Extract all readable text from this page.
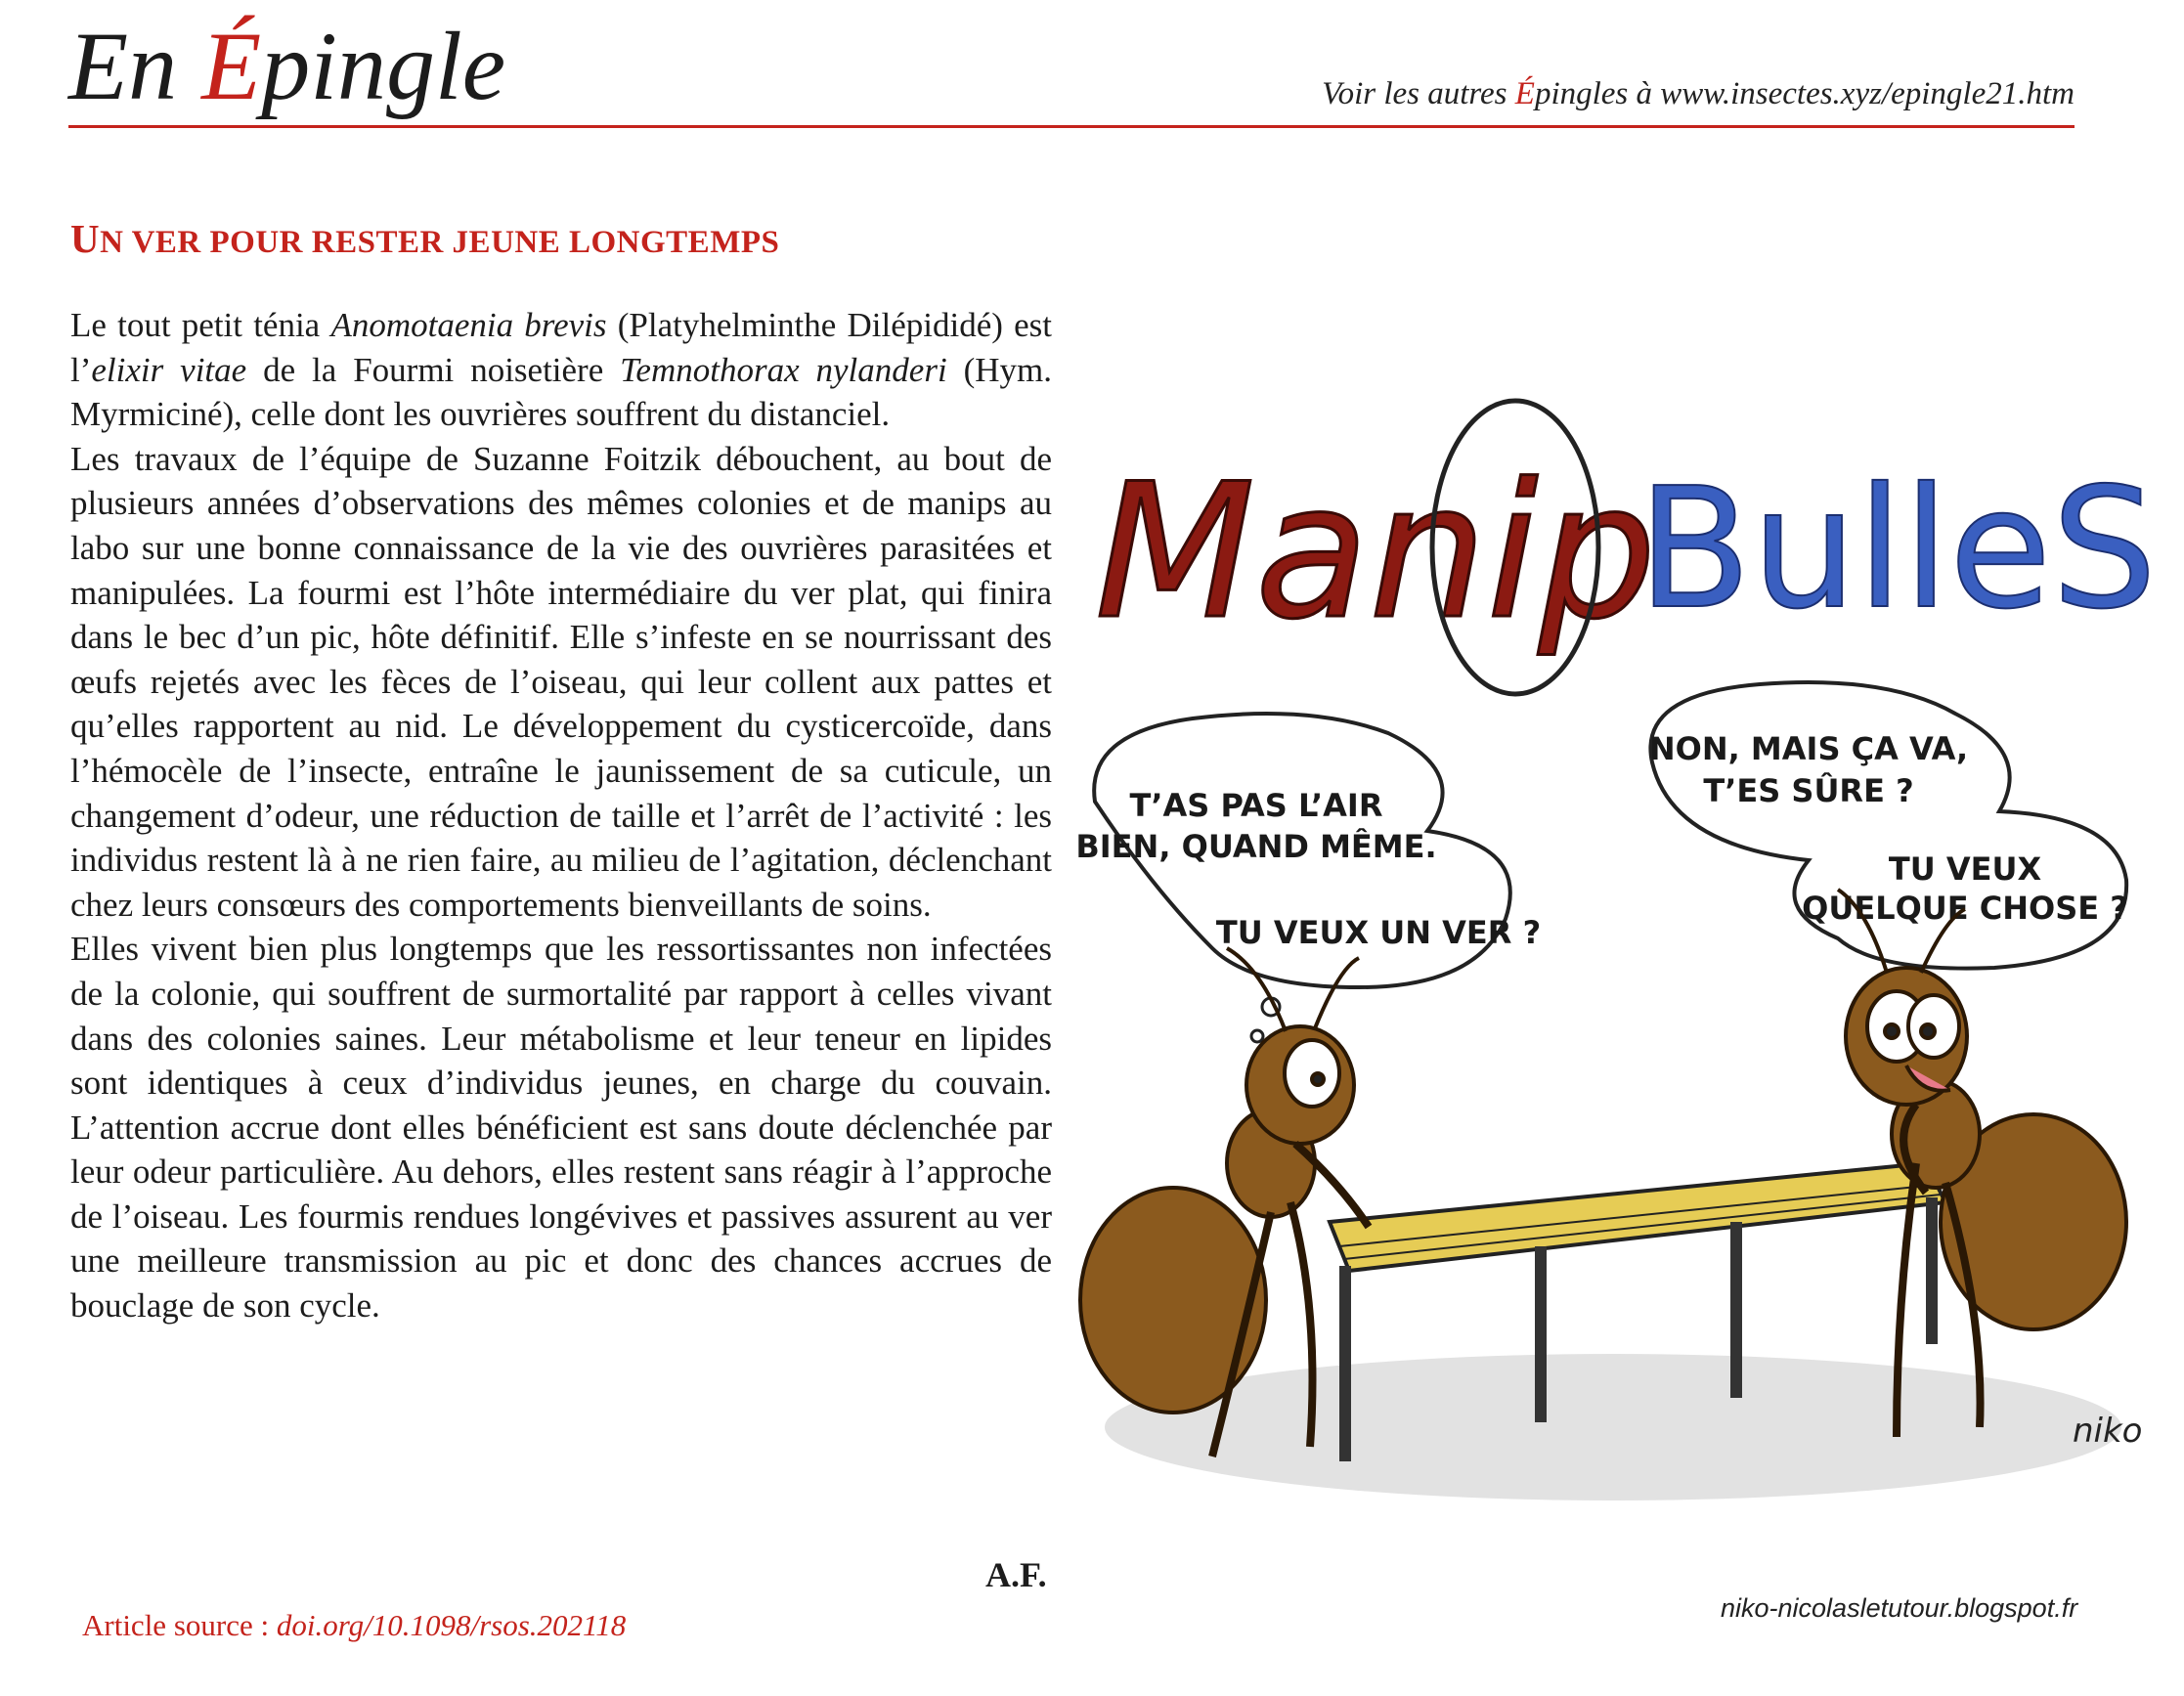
En Épingle	Voir les autres Épingles à www.insectes.xyz/epingle21.htm
UN VER POUR RESTER JEUNE LONGTEMPS

Le tout petit ténia Anomotaenia brevis (Platyhelminthe Dilépididé) est l’elixir vitae de la Fourmi noisetière Temnothorax nylanderi (Hym. Myrmiciné), celle dont les ouvrières souffrent du distanciel.

Les travaux de l’équipe de Suzanne Foitzik débouchent, au bout de plusieurs années d’observations des mêmes colonies et de manips au labo sur une bonne connaissance de la vie des ouvrières parasitées et manipulées. La fourmi est l’hôte intermédiaire du ver plat, qui finira dans le bec d’un pic, hôte définitif. Elle s’infeste en se nourrissant des œufs rejetés avec les fèces de l’oiseau, qui leur collent aux pattes et qu’elles rapportent au nid. Le développement du cysticercoïde, dans l’hémocèle de l’insecte, entraîne le jaunissement de sa cuticule, un changement d’odeur, une réduction de taille et l’arrêt de l’activité : les individus restent là à ne rien faire, au milieu de l’agitation, déclenchant chez leurs consœurs des comportements bienveillants de soins.

Elles vivent bien plus longtemps que les ressortissantes non infectées de la colonie, qui souffrent de surmortalité par rapport à celles vivant dans des colonies saines. Leur métabolisme et leur teneur en lipides sont identiques à ceux d’individus jeunes, en charge du couvain. L’attention accrue dont elles bénéficient est sans doute déclenchée par leur odeur particulière. Au dehors, elles restent sans réagir à l’approche de l’oiseau. Les fourmis rendues longévives et passives assurent au ver une meilleure transmission au pic et donc des chances accrues de bouclage de son cycle.

A.F.
Article source : doi.org/10.1098/rsos.202118
Manip
BulleS
T’AS PAS L’AIR
BIEN, QUAND MÊME.
TU VEUX UN VER ?
NON, MAIS ÇA VA,
T’ES SÛRE ?
TU VEUX
QUELQUE CHOSE ?
niko
niko-nicolasletutour.blogspot.fr
